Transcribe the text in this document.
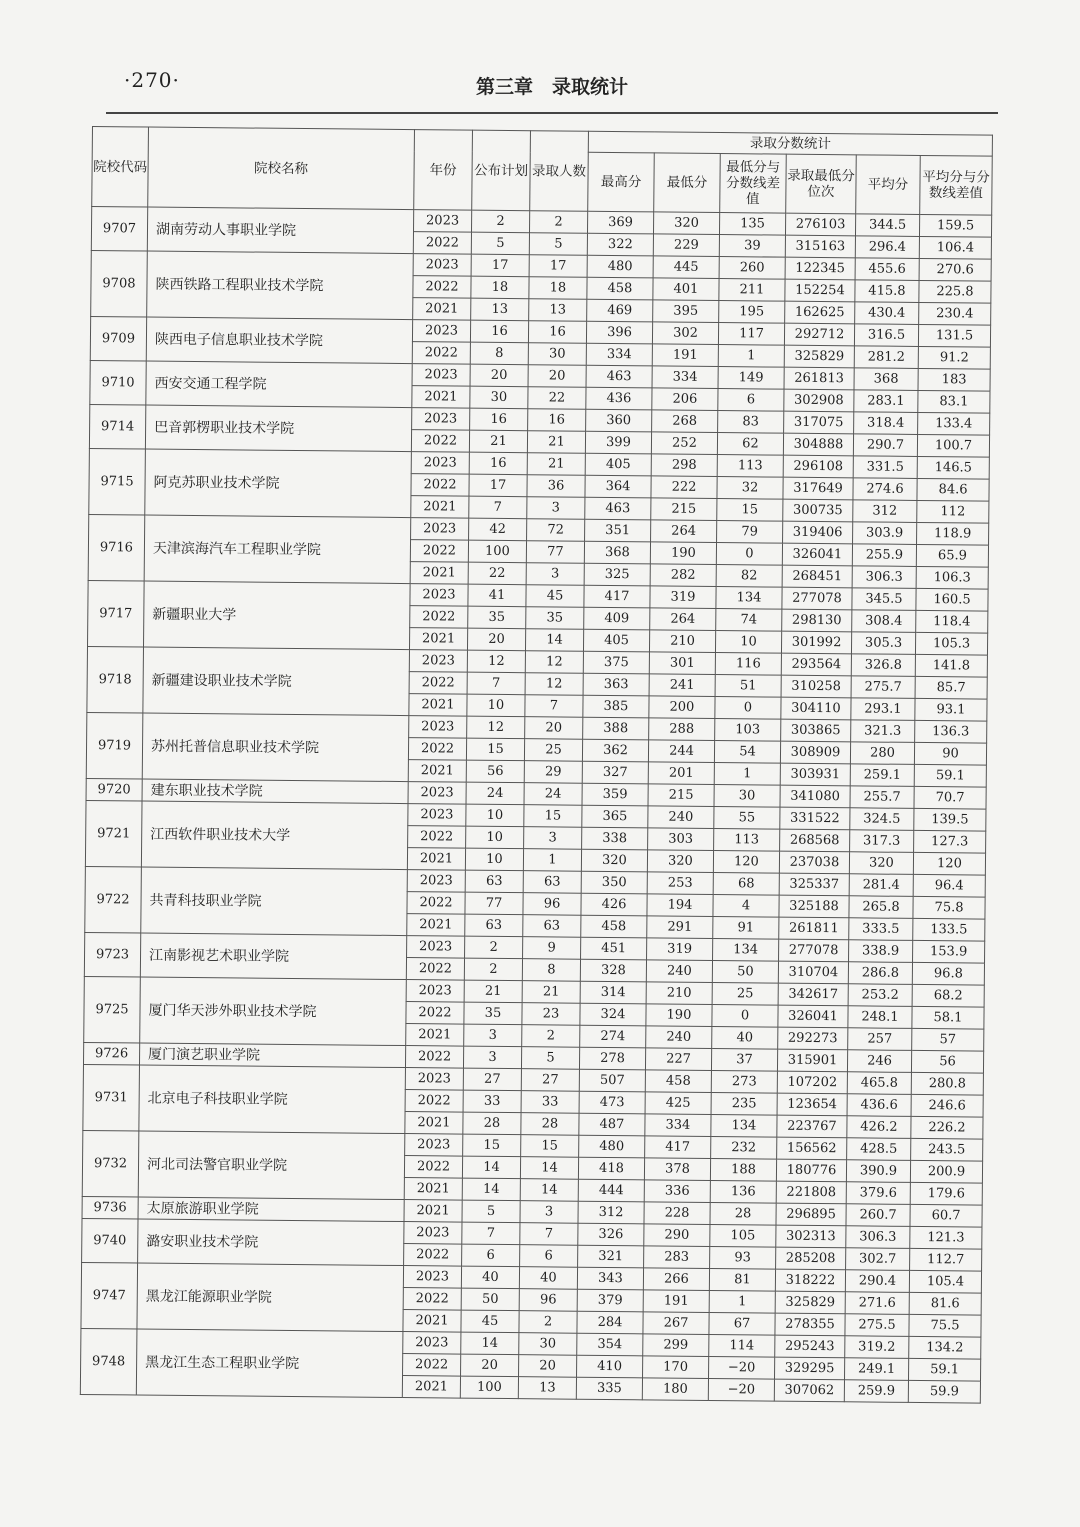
·270·	第三章　录取统计
院校代码	院校名称	年份	公布计划	录取人数	录取分数统计					
					最高分	最低分	最低分与分数线差值	录取最低分位次	平均分	平均分与分数线差值
9707	湖南劳动人事职业学院	2023	2	2	369	320	135	276103	344.5	159.5
		2022	5	5	322	229	39	315163	296.4	106.4
9708	陕西铁路工程职业技术学院	2023	17	17	480	445	260	122345	455.6	270.6
		2022	18	18	458	401	211	152254	415.8	225.8
		2021	13	13	469	395	195	162625	430.4	230.4
9709	陕西电子信息职业技术学院	2023	16	16	396	302	117	292712	316.5	131.5
		2022	8	30	334	191	1	325829	281.2	91.2
9710	西安交通工程学院	2023	20	20	463	334	149	261813	368	183
		2021	30	22	436	206	6	302908	283.1	83.1
9714	巴音郭楞职业技术学院	2023	16	16	360	268	83	317075	318.4	133.4
		2022	21	21	399	252	62	304888	290.7	100.7
9715	阿克苏职业技术学院	2023	16	21	405	298	113	296108	331.5	146.5
		2022	17	36	364	222	32	317649	274.6	84.6
		2021	7	3	463	215	15	300735	312	112
9716	天津滨海汽车工程职业学院	2023	42	72	351	264	79	319406	303.9	118.9
		2022	100	77	368	190	0	326041	255.9	65.9
		2021	22	3	325	282	82	268451	306.3	106.3
9717	新疆职业大学	2023	41	45	417	319	134	277078	345.5	160.5
		2022	35	35	409	264	74	298130	308.4	118.4
		2021	20	14	405	210	10	301992	305.3	105.3
9718	新疆建设职业技术学院	2023	12	12	375	301	116	293564	326.8	141.8
		2022	7	12	363	241	51	310258	275.7	85.7
		2021	10	7	385	200	0	304110	293.1	93.1
9719	苏州托普信息职业技术学院	2023	12	20	388	288	103	303865	321.3	136.3
		2022	15	25	362	244	54	308909	280	90
		2021	56	29	327	201	1	303931	259.1	59.1
9720	建东职业技术学院	2023	24	24	359	215	30	341080	255.7	70.7
9721	江西软件职业技术大学	2023	10	15	365	240	55	331522	324.5	139.5
		2022	10	3	338	303	113	268568	317.3	127.3
		2021	10	1	320	320	120	237038	320	120
9722	共青科技职业学院	2023	63	63	350	253	68	325337	281.4	96.4
		2022	77	96	426	194	4	325188	265.8	75.8
		2021	63	63	458	291	91	261811	333.5	133.5
9723	江南影视艺术职业学院	2023	2	9	451	319	134	277078	338.9	153.9
		2022	2	8	328	240	50	310704	286.8	96.8
9725	厦门华天涉外职业技术学院	2023	21	21	314	210	25	342617	253.2	68.2
		2022	35	23	324	190	0	326041	248.1	58.1
		2021	3	2	274	240	40	292273	257	57
9726	厦门演艺职业学院	2022	3	5	278	227	37	315901	246	56
9731	北京电子科技职业学院	2023	27	27	507	458	273	107202	465.8	280.8
		2022	33	33	473	425	235	123654	436.6	246.6
		2021	28	28	487	334	134	223767	426.2	226.2
9732	河北司法警官职业学院	2023	15	15	480	417	232	156562	428.5	243.5
		2022	14	14	418	378	188	180776	390.9	200.9
		2021	14	14	444	336	136	221808	379.6	179.6
9736	太原旅游职业学院	2021	5	3	312	228	28	296895	260.7	60.7
9740	潞安职业技术学院	2023	7	7	326	290	105	302313	306.3	121.3
		2022	6	6	321	283	93	285208	302.7	112.7
9747	黑龙江能源职业学院	2023	40	40	343	266	81	318222	290.4	105.4
		2022	50	96	379	191	1	325829	271.6	81.6
		2021	45	2	284	267	67	278355	275.5	75.5
9748	黑龙江生态工程职业学院	2023	14	30	354	299	114	295243	319.2	134.2
		2022	20	20	410	170	−20	329295	249.1	59.1
		2021	100	13	335	180	−20	307062	259.9	59.9
